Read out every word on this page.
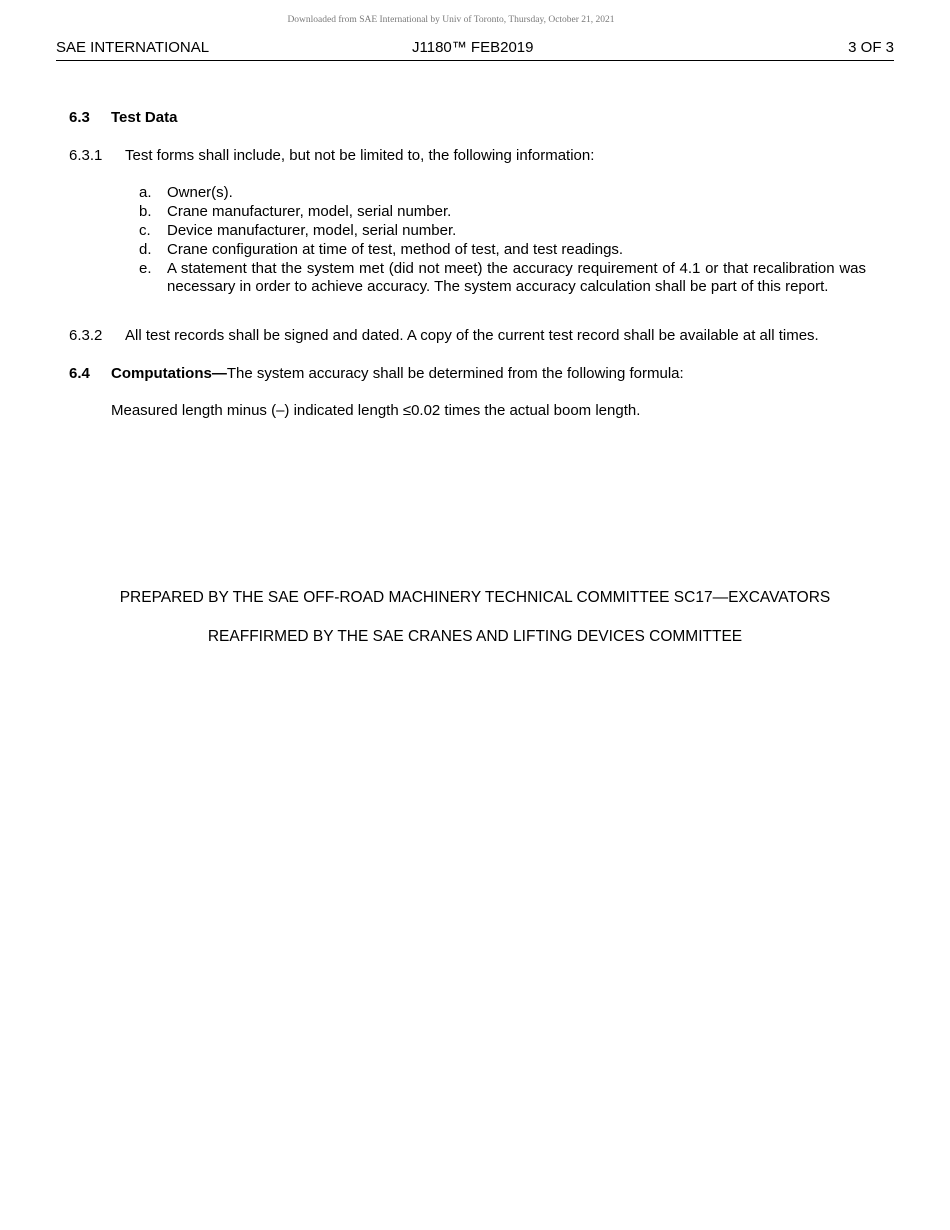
Downloaded from SAE International by Univ of Toronto, Thursday, October 21, 2021
SAE INTERNATIONAL	J1180™ FEB2019	3 OF 3
6.3 Test Data
6.3.1 Test forms shall include, but not be limited to, the following information:
a. Owner(s).
b. Crane manufacturer, model, serial number.
c. Device manufacturer, model, serial number.
d. Crane configuration at time of test, method of test, and test readings.
e. A statement that the system met (did not meet) the accuracy requirement of 4.1 or that recalibration was necessary in order to achieve accuracy. The system accuracy calculation shall be part of this report.
6.3.2 All test records shall be signed and dated. A copy of the current test record shall be available at all times.
6.4 Computations—The system accuracy shall be determined from the following formula:
Measured length minus (–) indicated length ≤0.02 times the actual boom length.
PREPARED BY THE SAE OFF-ROAD MACHINERY TECHNICAL COMMITTEE SC17—EXCAVATORS
REAFFIRMED BY THE SAE CRANES AND LIFTING DEVICES COMMITTEE
